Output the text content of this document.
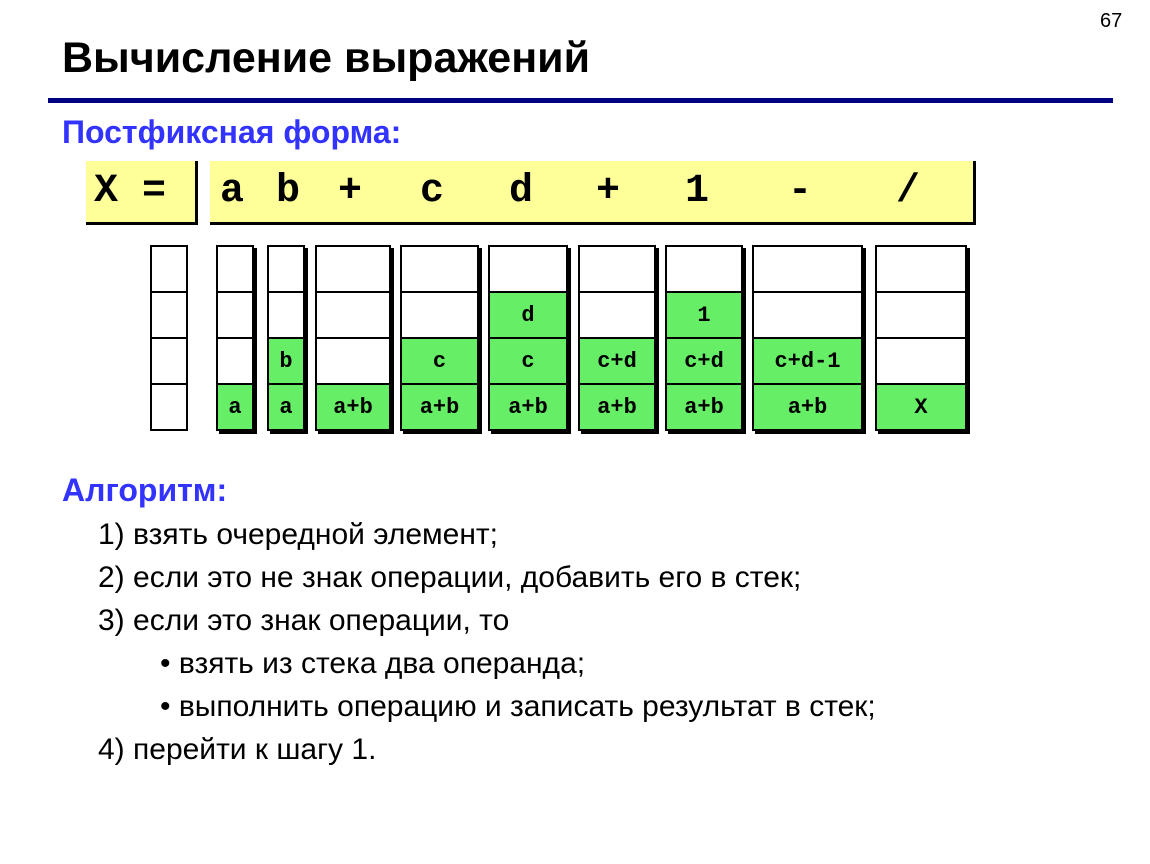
67
Вычисление выражений
Постфиксная форма:
X = a b + c d + 1 - /
a	a
b
a+b	a+b
c
a+b
c
d
a+b
c+d
a+b
c+d
1
a+b
c+d-1
X
Алгоритм:
1) взять очередной элемент;
2) если это не знак операции, добавить его в стек;
3) если это знак операции, то
• взять из стека два операнда;
• выполнить операцию и записать результат в стек;
4) перейти к шагу 1.
